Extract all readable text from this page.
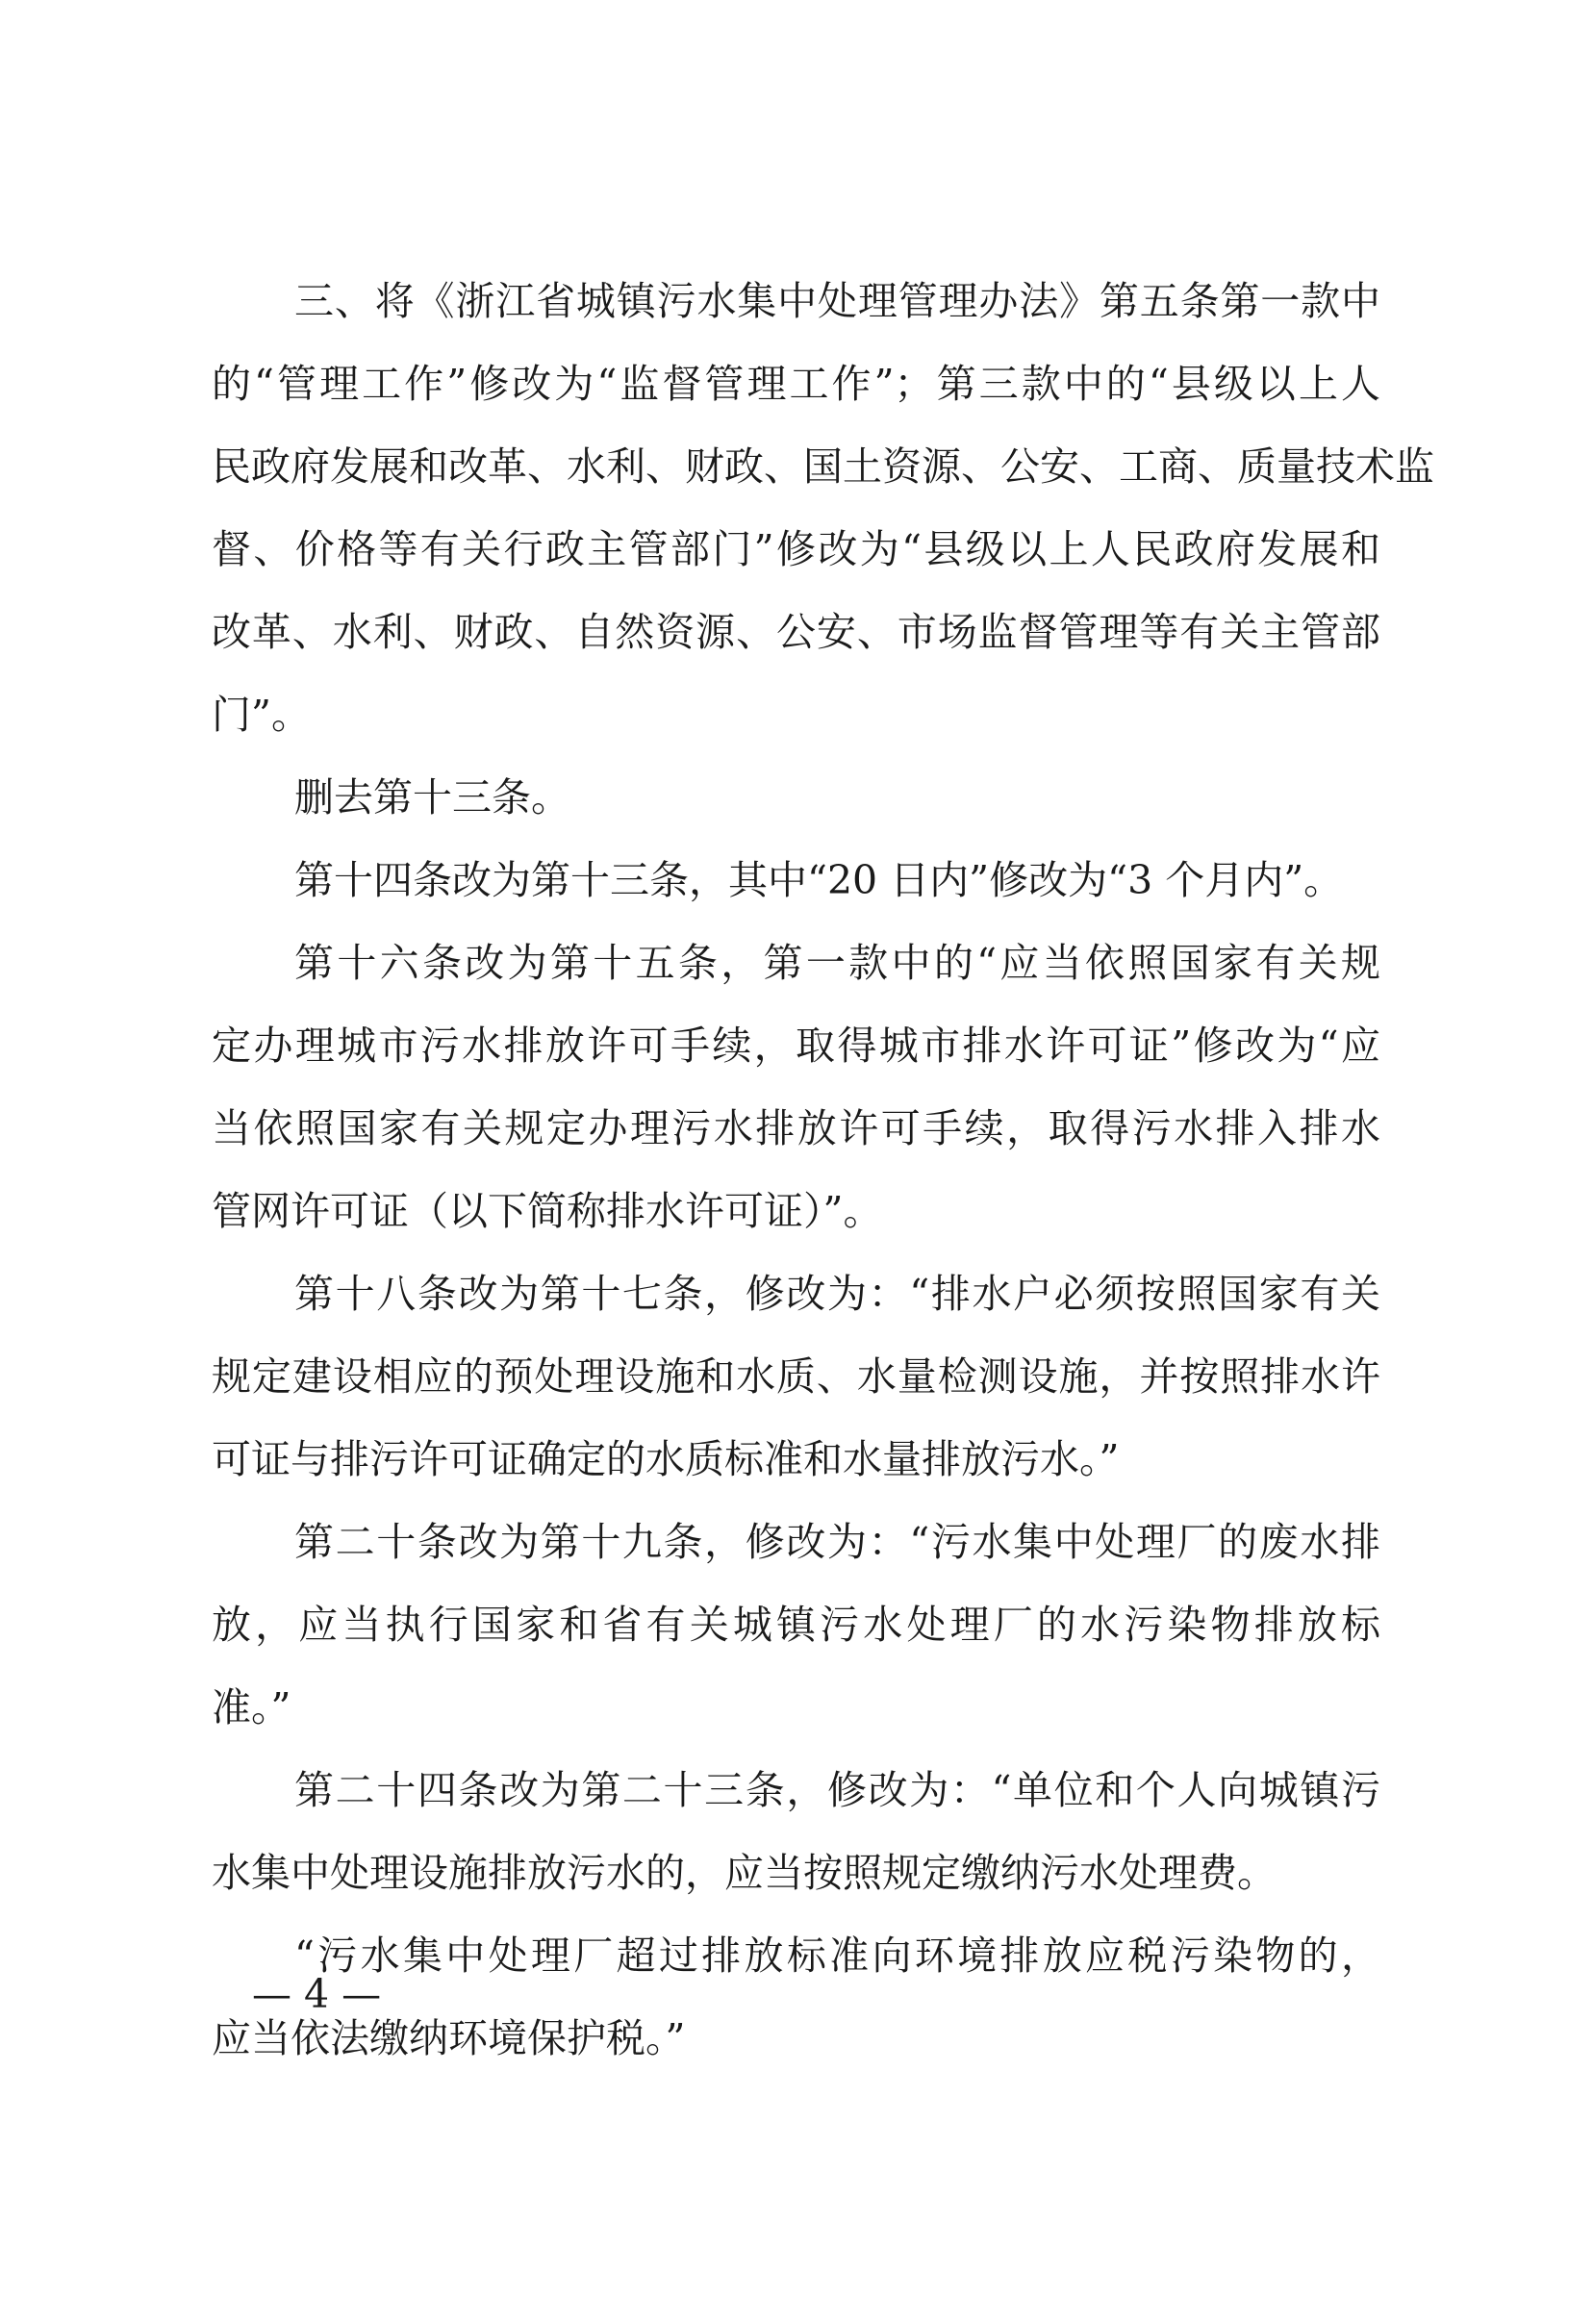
三、将《浙江省城镇污水集中处理管理办法》第五条第一款中
的“管理工作”修改为“监督管理工作”；第三款中的“县级以上人
民政府发展和改革、水利、财政、国土资源、公安、工商、质量技术监
督、价格等有关行政主管部门”修改为“县级以上人民政府发展和
改革、水利、财政、自然资源、公安、市场监督管理等有关主管部
门”。
删去第十三条。
第十四条改为第十三条，其中“20 日内”修改为“3 个月内”。
第十六条改为第十五条，第一款中的“应当依照国家有关规
定办理城市污水排放许可手续，取得城市排水许可证”修改为“应
当依照国家有关规定办理污水排放许可手续，取得污水排入排水
管网许可证（以下简称排水许可证）”。
第十八条改为第十七条，修改为：“排水户必须按照国家有关
规定建设相应的预处理设施和水质、水量检测设施，并按照排水许
可证与排污许可证确定的水质标准和水量排放污水。”
第二十条改为第十九条，修改为：“污水集中处理厂的废水排
放，应当执行国家和省有关城镇污水处理厂的水污染物排放标
准。”
第二十四条改为第二十三条，修改为：“单位和个人向城镇污
水集中处理设施排放污水的，应当按照规定缴纳污水处理费。
“污水集中处理厂超过排放标准向环境排放应税污染物的，
应当依法缴纳环境保护税。”
— 4 —
